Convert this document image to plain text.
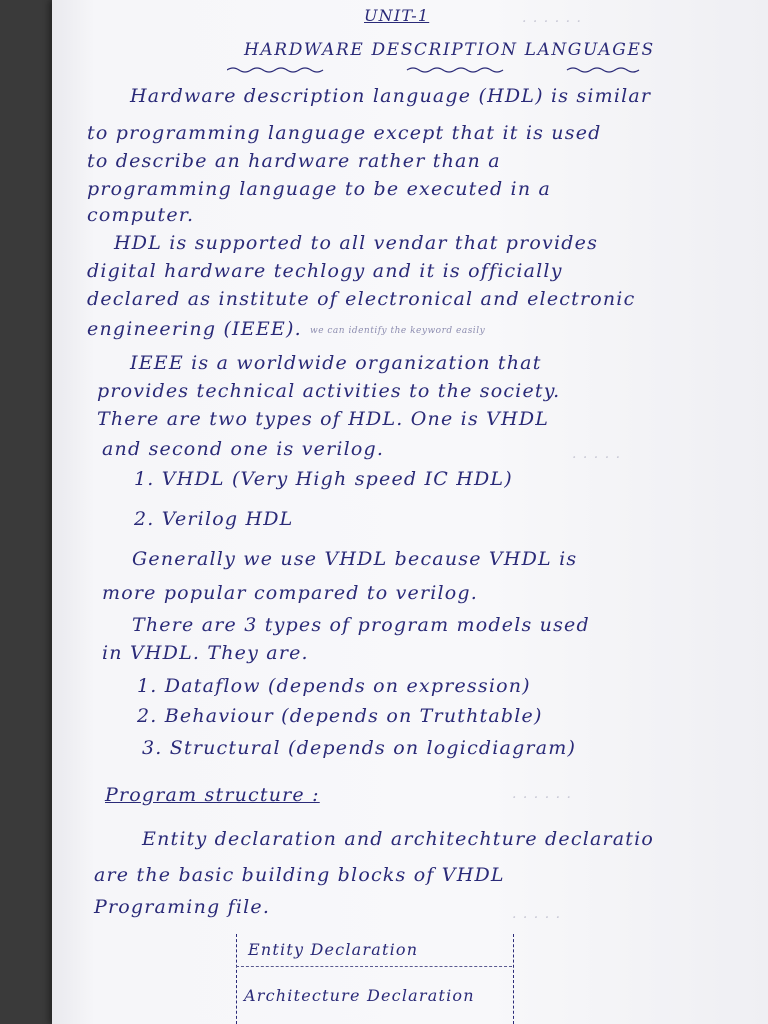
· · · · · ·
· · · · ·
· · · · · ·
· · · · ·
UNIT-1
HARDWARE DESCRIPTION LANGUAGES
Hardware description language (HDL) is similar
to programming language except that it is used
to describe an hardware rather than a
programming language to be executed in a
computer.
HDL is supported to all vendar that provides
digital hardware techlogy and it is officially
declared as institute of electronical and electronic
engineering (IEEE). we can identify the keyword easily
IEEE is a worldwide organization that
provides technical activities to the society.
There are two types of HDL. One is VHDL
and second one is verilog.
1. VHDL (Very High speed IC HDL)
2. Verilog HDL
Generally we use VHDL because VHDL is
more popular compared to verilog.
There are 3 types of program models used
in VHDL. They are.
1. Dataflow (depends on expression)
2. Behaviour (depends on Truthtable)
3. Structural (depends on logicdiagram)
Program structure :
Entity declaration and architechture declaratio
are the basic building blocks of VHDL
Programing file.
Entity Declaration
Architecture Declaration
